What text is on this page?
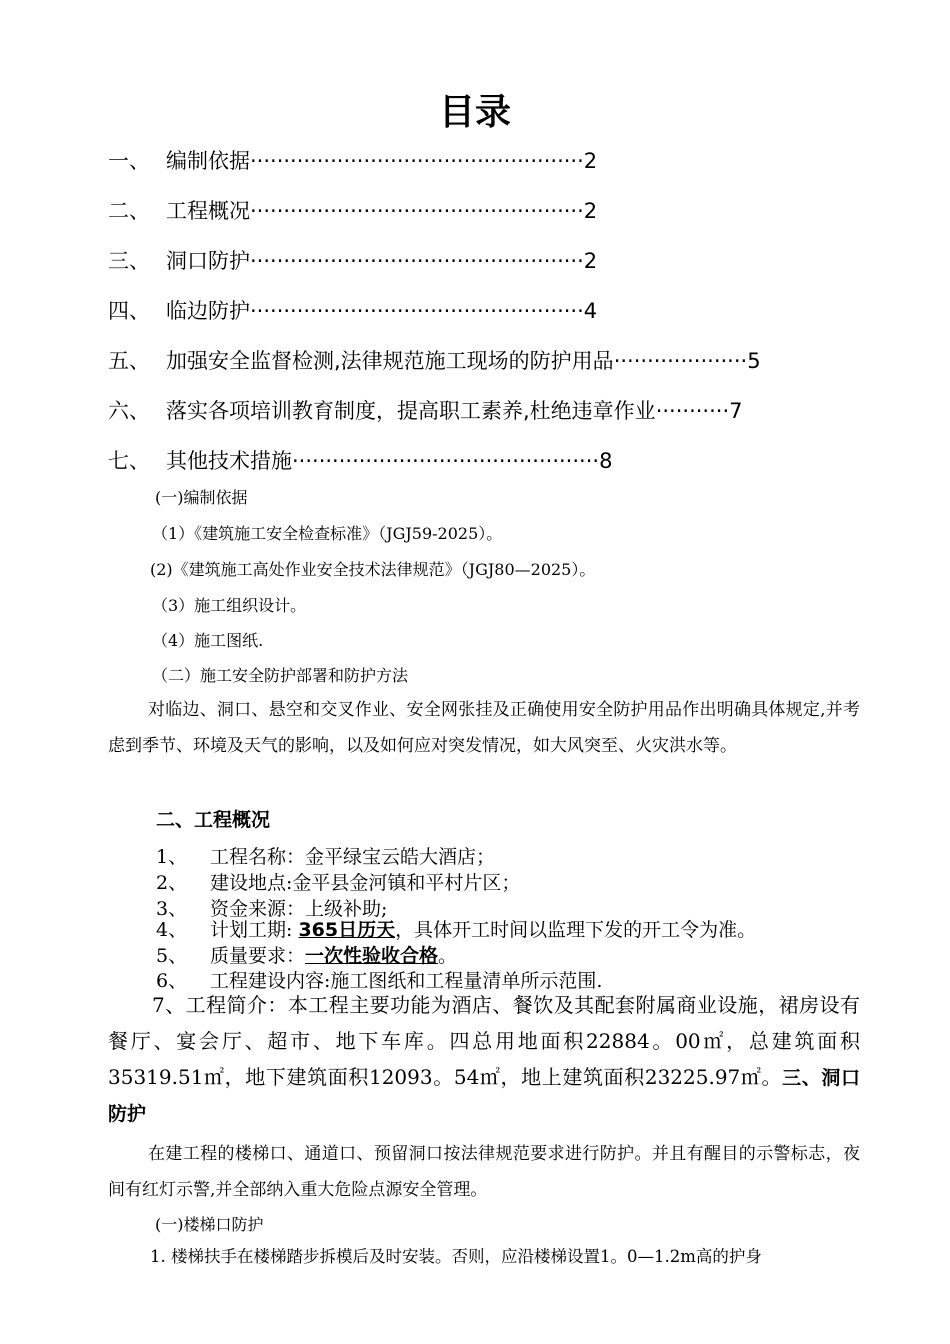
目录
一、 编制依据··················································2
二、 工程概况··················································2
三、 洞口防护··················································2
四、 临边防护··················································4
五、 加强安全监督检测,法律规范施工现场的防护用品····················5
六、 落实各项培训教育制度，提高职工素养,杜绝违章作业···········7
七、 其他技术措施··············································8
(一)编制依据
（1）《建筑施工安全检查标准》（JGJ59-2025）。
(2)《建筑施工高处作业安全技术法律规范》（JGJ80—2025）。
（3）施工组织设计。
（4）施工图纸.
（二）施工安全防护部署和防护方法
对临边、洞口、悬空和交叉作业、安全网张挂及正确使用安全防护用品作出明确具体规定,并考虑到季节、环境及天气的影响，以及如何应对突发情况，如大风突至、火灾洪水等。
二、工程概况
1、 工程名称：金平绿宝云皓大酒店；
2、 建设地点:金平县金河镇和平村片区；
3、 资金来源：上级补助;
4、 计划工期: 365日历天，具体开工时间以监理下发的开工令为准。
5、 质量要求：一次性验收合格。
6、 工程建设内容:施工图纸和工程量清单所示范围.
7、工程简介：本工程主要功能为酒店、餐饮及其配套附属商业设施，裙房设有餐厅、宴会厅、超市、地下车库。四总用地面积22884。00㎡，总建筑面积35319.51㎡，地下建筑面积12093。54㎡，地上建筑面积23225.97㎡。三、洞口防护
在建工程的楼梯口、通道口、预留洞口按法律规范要求进行防护。并且有醒目的示警标志，夜间有红灯示警,并全部纳入重大危险点源安全管理。
(一)楼梯口防护
1. 楼梯扶手在楼梯踏步拆模后及时安装。否则，应沿楼梯设置1。0—1.2m高的护身
